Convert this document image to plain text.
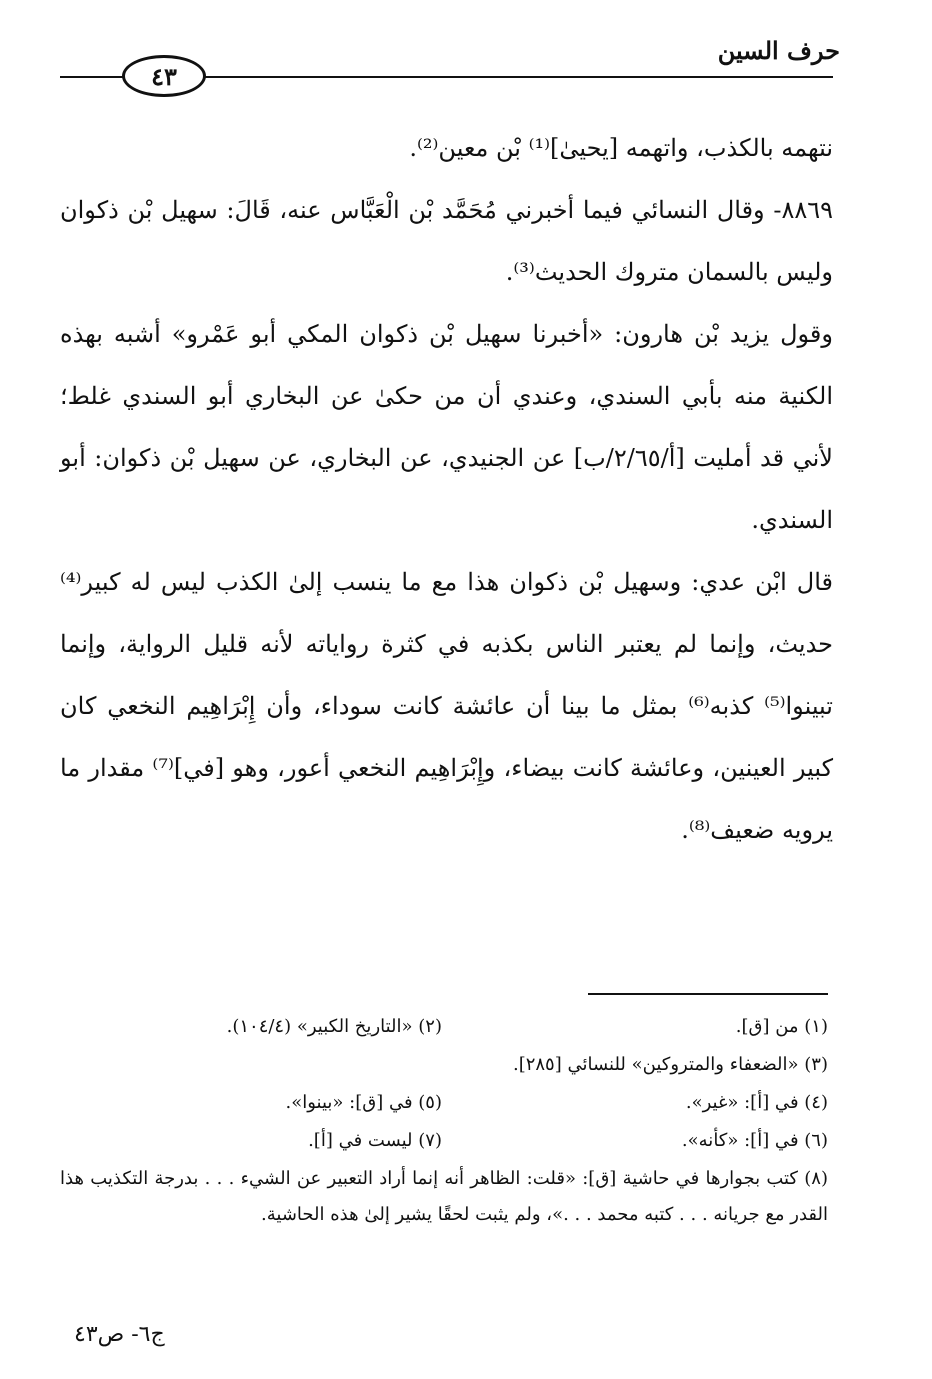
حرف السين
٤٣

نتهمه بالكذب، واتهمه [يحيىٰ]⁽¹⁾ بْن معين⁽²⁾.

٨٨٦٩- وقال النسائي فيما أخبرني مُحَمَّد بْن الْعَبَّاس عنه، قَالَ: سهيل بْن ذكوان وليس بالسمان متروك الحديث⁽³⁾.

وقول يزيد بْن هارون: «أخبرنا سهيل بْن ذكوان المكي أبو عَمْرو» أشبه بهذه الكنية منه بأبي السندي، وعندي أن من حكىٰ عن البخاري أبو السندي غلط؛ لأني قد أمليت [أ/٢/٦٥/ب] عن الجنيدي، عن البخاري، عن سهيل بْن ذكوان: أبو السندي.

قال ابْن عدي: وسهيل بْن ذكوان هذا مع ما ينسب إلىٰ الكذب ليس له كبير⁽⁴⁾ حديث، وإنما لم يعتبر الناس بكذبه في كثرة رواياته لأنه قليل الرواية، وإنما تبينوا⁽⁵⁾ كذبه⁽⁶⁾ بمثل ما بينا أن عائشة كانت سوداء، وأن إِبْرَاهِيم النخعي كان كبير العينين، وعائشة كانت بيضاء، وإِبْرَاهِيم النخعي أعور، وهو [في]⁽⁷⁾ مقدار ما يرويه ضعيف⁽⁸⁾.

(١) من [ق].
(٢) «التاريخ الكبير» (١٠٤/٤).
(٣) «الضعفاء والمتروكين» للنسائي [٢٨٥].
(٤) في [أ]: «غير».
(٥) في [ق]: «بينوا».
(٦) في [أ]: «كأنه».
(٧) ليست في [أ].
(٨) كتب بجوارها في حاشية [ق]: «قلت: الظاهر أنه إنما أراد التعبير عن الشيء . . . بدرجة التكذيب هذا القدر مع جريانه . . . كتبه محمد . . .»، ولم يثبت لحقًا يشير إلىٰ هذه الحاشية.
ج٦- ص٤٣
